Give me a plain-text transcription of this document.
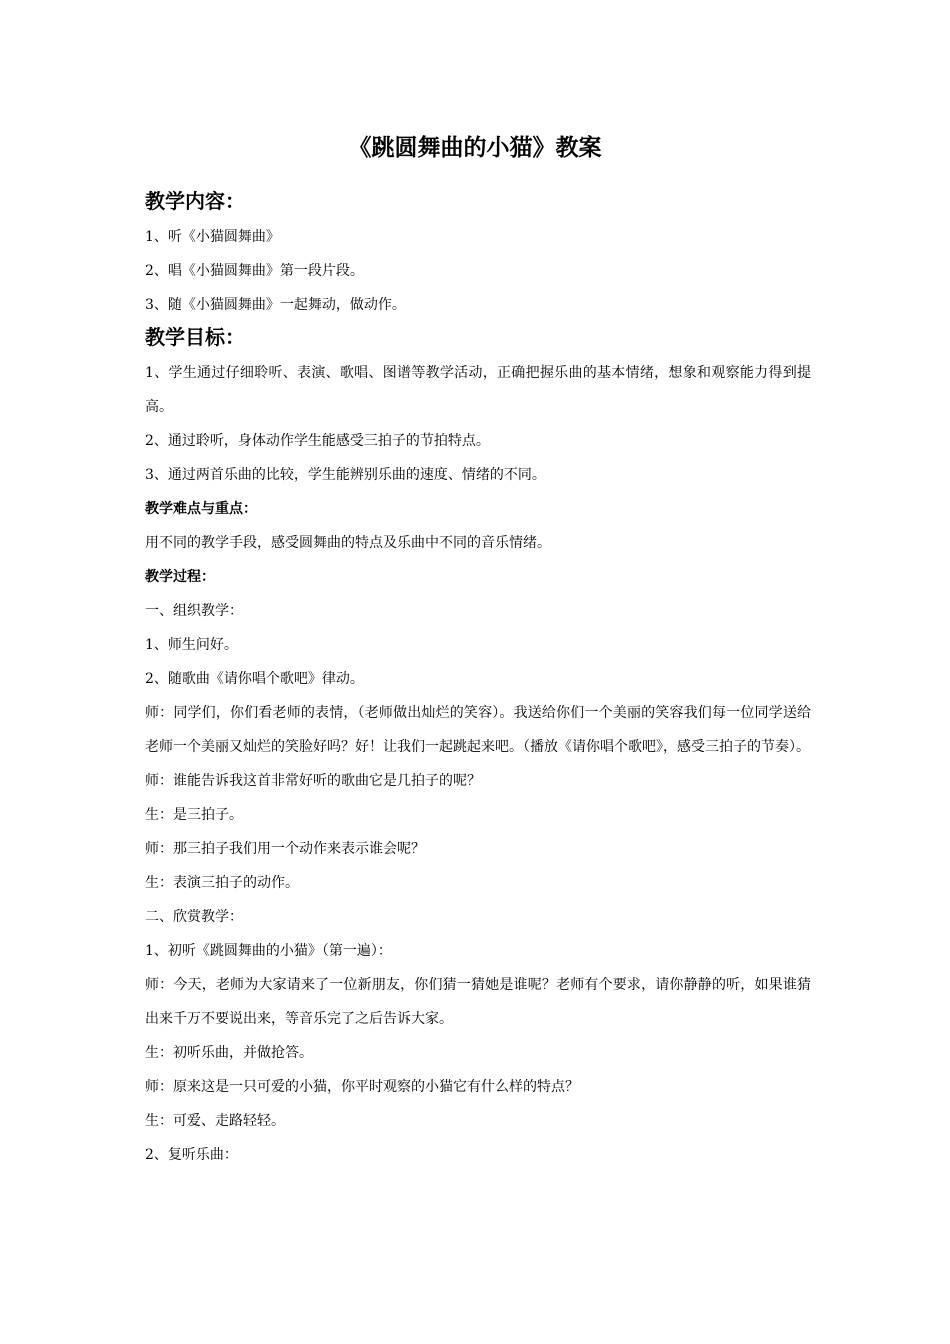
《跳圆舞曲的小猫》教案
教学内容：

1、听《小猫圆舞曲》

2、唱《小猫圆舞曲》第一段片段。

3、随《小猫圆舞曲》一起舞动，做动作。

教学目标：

1、学生通过仔细聆听、表演、歌唱、图谱等教学活动，正确把握乐曲的基本情绪，想象和观察能力得到提高。

2、通过聆听，身体动作学生能感受三拍子的节拍特点。

3、通过两首乐曲的比较，学生能辨别乐曲的速度、情绪的不同。

教学难点与重点：

用不同的教学手段，感受圆舞曲的特点及乐曲中不同的音乐情绪。

教学过程：

一、组织教学：

1、师生问好。

2、随歌曲《请你唱个歌吧》律动。

师：同学们，你们看老师的表情，（老师做出灿烂的笑容）。我送给你们一个美丽的笑容我们每一位同学送给老师一个美丽又灿烂的笑脸好吗？好！让我们一起跳起来吧。（播放《请你唱个歌吧》，感受三拍子的节奏）。

师：谁能告诉我这首非常好听的歌曲它是几拍子的呢？

生：是三拍子。

师：那三拍子我们用一个动作来表示谁会呢？

生：表演三拍子的动作。

二、欣赏教学：

1、初听《跳圆舞曲的小猫》（第一遍）：

师：今天，老师为大家请来了一位新朋友，你们猜一猜她是谁呢？老师有个要求，请你静静的听，如果谁猜出来千万不要说出来，等音乐完了之后告诉大家。

生：初听乐曲，并做抢答。

师：原来这是一只可爱的小猫，你平时观察的小猫它有什么样的特点？

生：可爱、走路轻轻。

2、复听乐曲：
